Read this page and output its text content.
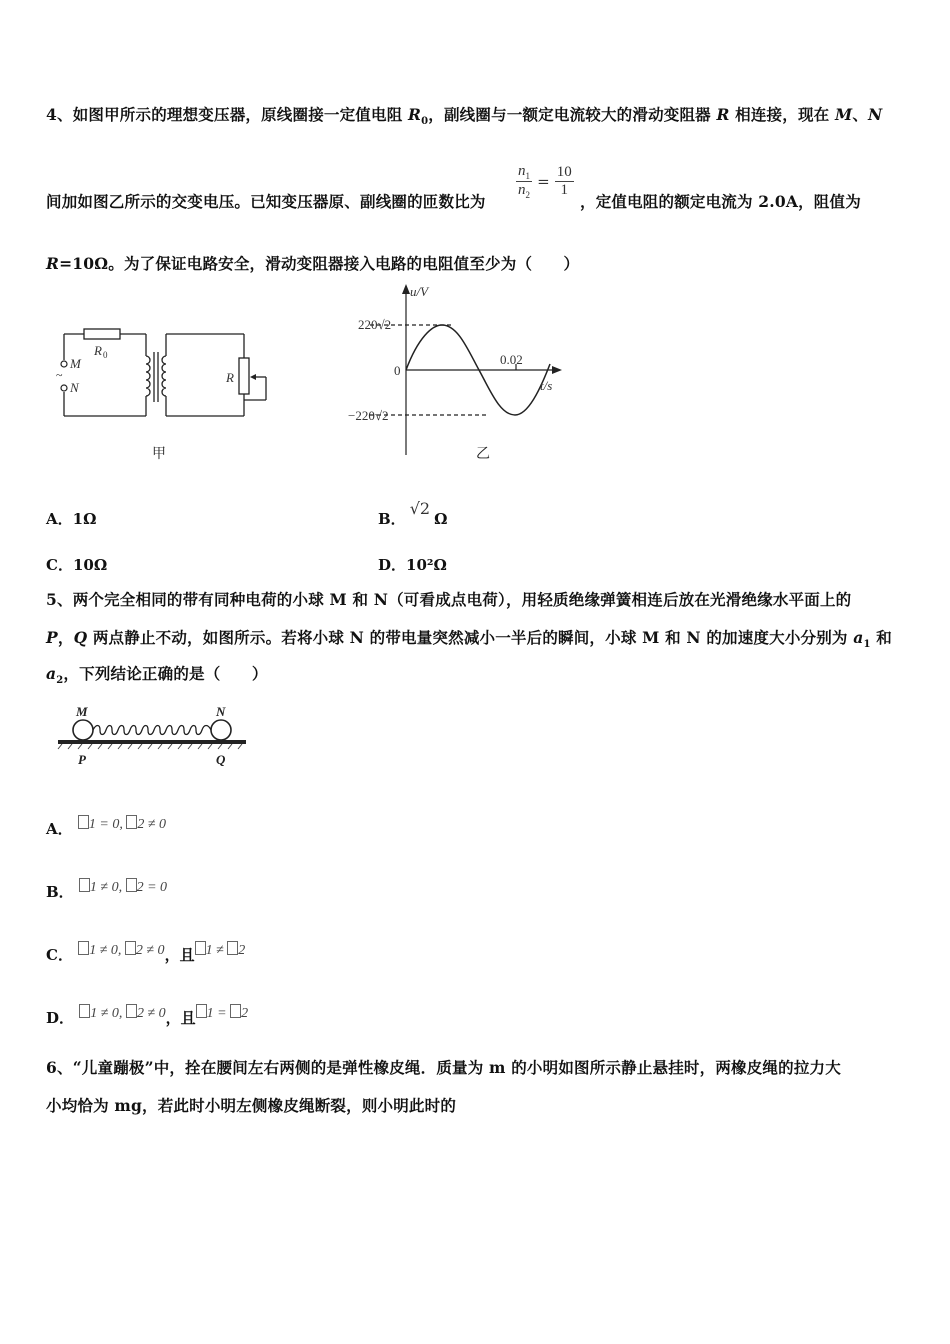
4、如图甲所示的理想变压器，原线圈接一定值电阻 $R_0$，副线圈与一额定电流较大的滑动变阻器 R 相连接，现在 M、N
间加如图乙所示的交变电压。已知变压器原、副线圈的匝数比为
$\frac{n_1}{n_2} = \frac{10}{1}$
，定值电阻的额定电流为 2.0A，阻值为
R=10Ω。为了保证电路安全，滑动变阻器接入电路的电阻值至少为（　　）
~
M
N
R 0
R
甲
u/V
t/s
220√2
−220√2
0
0.02
乙
A．1Ω	B．√2Ω
C．10Ω	D．10²Ω
5、两个完全相同的带有同种电荷的小球 M 和 N（可看成点电荷），用轻质绝缘弹簧相连后放在光滑绝缘水平面上的
P，Q 两点静止不动，如图所示。若将小球 N 的带电量突然减小一半后的瞬间，小球 M 和 N 的加速度大小分别为 $a_1$ 和
$a_2$，下列结论正确的是（　　）
M	N
P	Q
A． 1 = 0, 2 ≠ 0
B． 1 ≠ 0, 2 = 0
C． 1 ≠ 0, 2 ≠ 0，且 1 ≠ 2
D． 1 ≠ 0, 2 ≠ 0，且 1 = 2
6、“儿童蹦极”中，拴在腰间左右两侧的是弹性橡皮绳．质量为 m 的小明如图所示静止悬挂时，两橡皮绳的拉力大
小均恰为 mg，若此时小明左侧橡皮绳断裂，则小明此时的
